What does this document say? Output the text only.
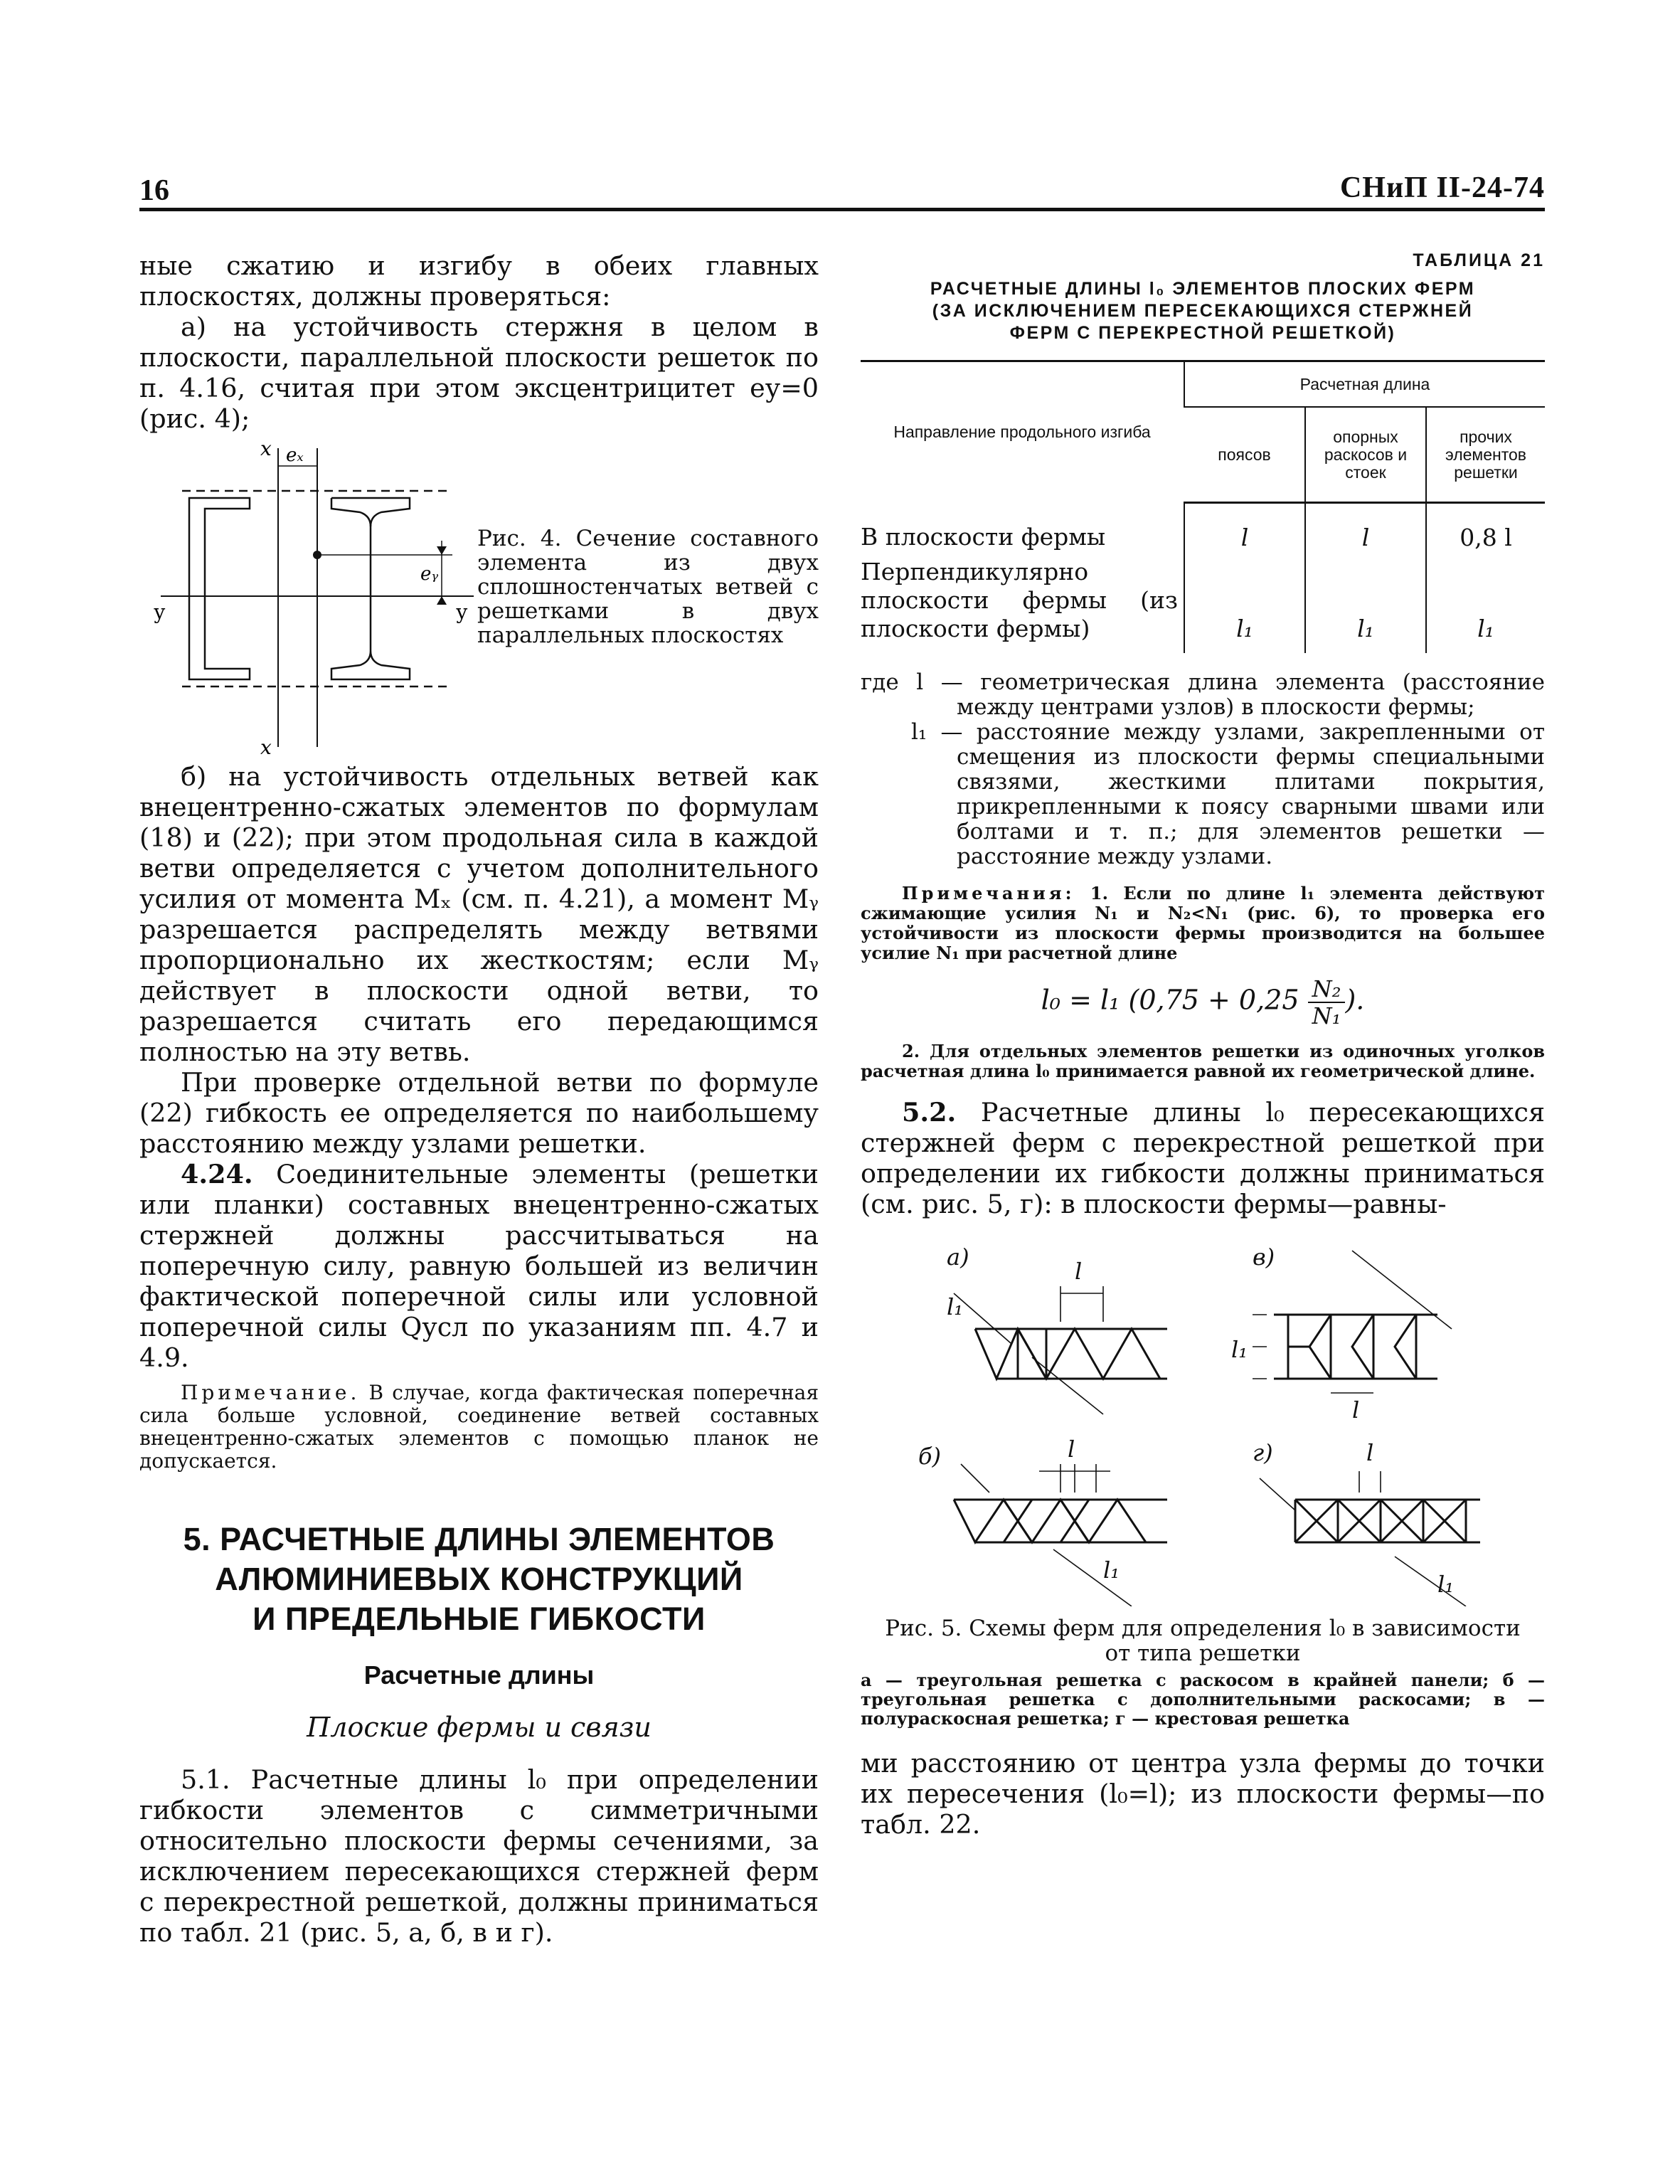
16	СНиП II-24-74

ные сжатию и изгибу в обеих главных плоскостях, должны проверяться:

а) на устойчивость стержня в целом в плоскости, параллельной плоскости решеток по п. 4.16, считая при этом эксцентрицитет eу=0 (рис. 4);

x eₓ
eᵧ
у	у
x
Рис. 4. Сечение составного элемента из двух сплошностенчатых ветвей с решетками в двух параллельных плоскостях

б) на устойчивость отдельных ветвей как внецентренно-сжатых элементов по формулам (18) и (22); при этом продольная сила в каждой ветви определяется с учетом дополнительного усилия от момента Mₓ (см. п. 4.21), а момент Mᵧ разрешается распределять между ветвями пропорционально их жесткостям; если Mᵧ действует в плоскости одной ветви, то разрешается считать его передающимся полностью на эту ветвь.

При проверке отдельной ветви по формуле (22) гибкость ее определяется по наибольшему расстоянию между узлами решетки.

4.24. Соединительные элементы (решетки или планки) составных внецентренно-сжатых стержней должны рассчитываться на поперечную силу, равную большей из величин фактической поперечной силы или условной поперечной силы Qусл по указаниям пп. 4.7 и 4.9.

Примечание. В случае, когда фактическая поперечная сила больше условной, соединение ветвей составных внецентренно-сжатых элементов с помощью планок не допускается.

5. РАСЧЕТНЫЕ ДЛИНЫ ЭЛЕМЕНТОВ

АЛЮМИНИЕВЫХ КОНСТРУКЦИЙ

И ПРЕДЕЛЬНЫЕ ГИБКОСТИ

Расчетные длины

Плоские фермы и связи

5.1. Расчетные длины l₀ при определении гибкости элементов с симметричными относительно плоскости фермы сечениями, за исключением пересекающихся стержней ферм с перекрестной решеткой, должны приниматься по табл. 21 (рис. 5, а, б, в и г).

ТАБЛИЦА 21

РАСЧЕТНЫЕ ДЛИНЫ l₀ ЭЛЕМЕНТОВ ПЛОСКИХ ФЕРМ
(ЗА ИСКЛЮЧЕНИЕМ ПЕРЕСЕКАЮЩИХСЯ СТЕРЖНЕЙ
ФЕРМ С ПЕРЕКРЕСТНОЙ РЕШЕТКОЙ)

Направление продольного изгиба	Расчетная длина		
	поясов	опорных раскосов и стоек	прочих элементов решетки
В плоскости фермы	l	l	0,8 l
Перпендикулярно плоскости фермы (из плоскости фермы)	l₁	l₁	l₁

где l — геометрическая длина элемента (расстояние между центрами узлов) в плоскости фермы;

l₁ — расстояние между узлами, закрепленными от смещения из плоскости фермы специальными связями, жесткими плитами покрытия, прикрепленными к поясу сварными швами или болтами и т. п.; для элементов решетки — расстояние между узлами.

Примечания: 1. Если по длине l₁ элемента действуют сжимающие усилия N₁ и N₂<N₁ (рис. 6), то проверка его устойчивости из плоскости фермы производится на большее усилие N₁ при расчетной длине

l₀ = l₁ ($0,75 + 0,25 \frac{\text{N₂}}{\text{N₁}}$ ).

2. Для отдельных элементов решетки из одиночных уголков расчетная длина l₀ принимается равной их геометрической длине.

5.2. Расчетные длины l₀ пересекающихся стержней ферм с перекрестной решеткой при определении их гибкости должны приниматься (см. рис. 5, г): в плоскости фермы—равны-

а)
б)
в)
г)
l
l₁
l
l₁
l
l₁
l
l₁

Рис. 5. Схемы ферм для определения l₀ в зависимости
от типа решетки

а — треугольная решетка с раскосом в крайней панели; б — треугольная решетка с дополнительными раскосами; в — полураскосная решетка; г — крестовая решетка

ми расстоянию от центра узла фермы до точки их пересечения (l₀=l); из плоскости фермы—по табл. 22.
